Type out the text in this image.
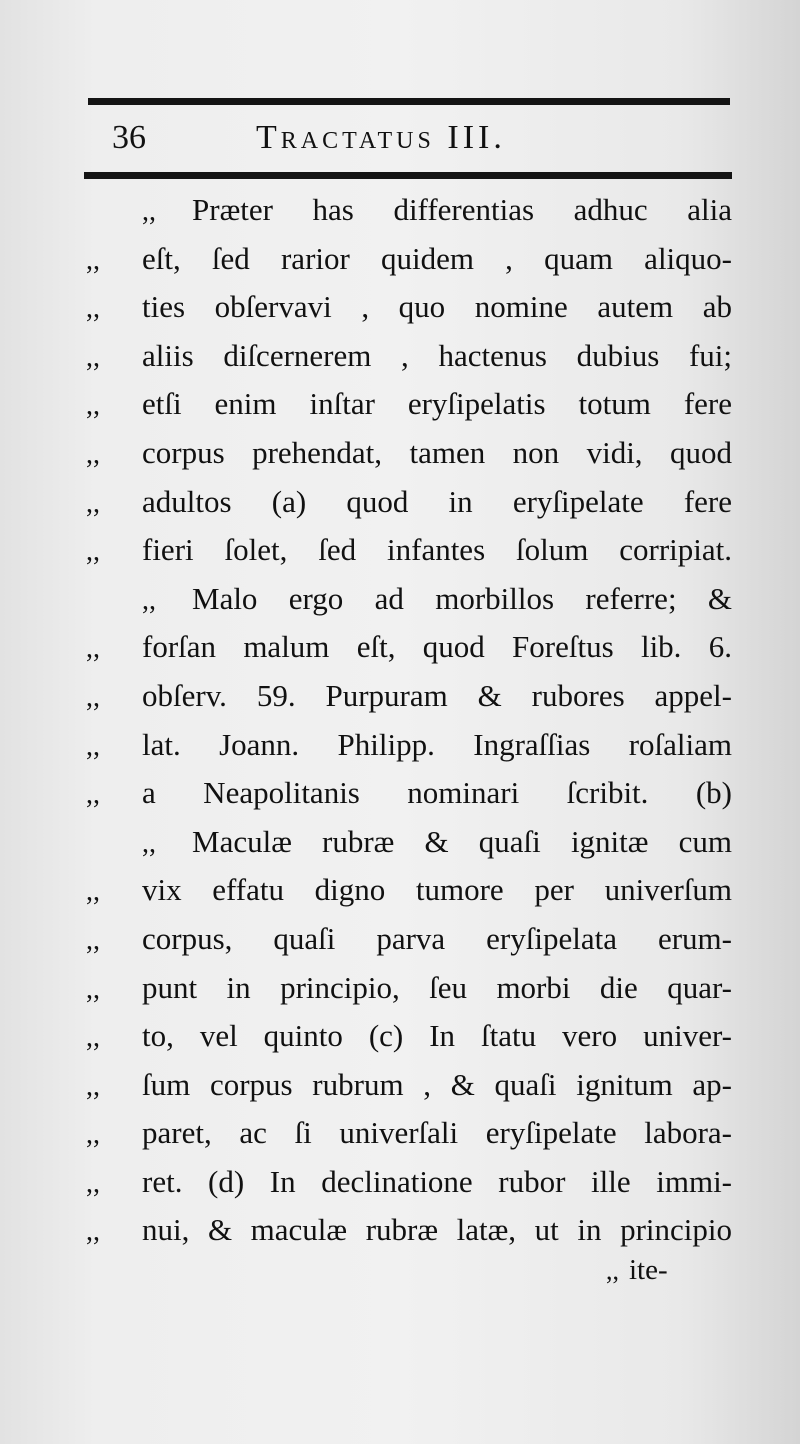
36	Tractatus III.
,,	Præter has differentias adhuc alia
,,	eſt, ſed rarior quidem , quam aliquo-
,,	ties obſervavi , quo nomine autem ab
,,	aliis diſcernerem , hactenus dubius fui;
,,	etſi enim inſtar eryſipelatis totum fere
,,	corpus prehendat, tamen non vidi, quod
,,	adultos (a) quod in eryſipelate fere
,,	fieri ſolet, ſed infantes ſolum corripiat.
,,	Malo ergo ad morbillos referre; &
,,	forſan malum eſt, quod Foreſtus lib. 6.
,,	obſerv. 59. Purpuram & rubores appel-
,,	lat. Joann. Philipp. Ingraſſias roſaliam
,,	a Neapolitanis nominari ſcribit. (b)
,,	Maculæ rubræ & quaſi ignitæ cum
,,	vix effatu digno tumore per univerſum
,,	corpus, quaſi parva eryſipelata erum-
,,	punt in principio, ſeu morbi die quar-
,,	to, vel quinto (c) In ſtatu vero univer-
,,	ſum corpus rubrum , & quaſi ignitum ap-
,,	paret, ac ſi univerſali eryſipelate labora-
,,	ret. (d) In declinatione rubor ille immi-
,,	nui, & maculæ rubræ latæ, ut in principio
,, ite-
